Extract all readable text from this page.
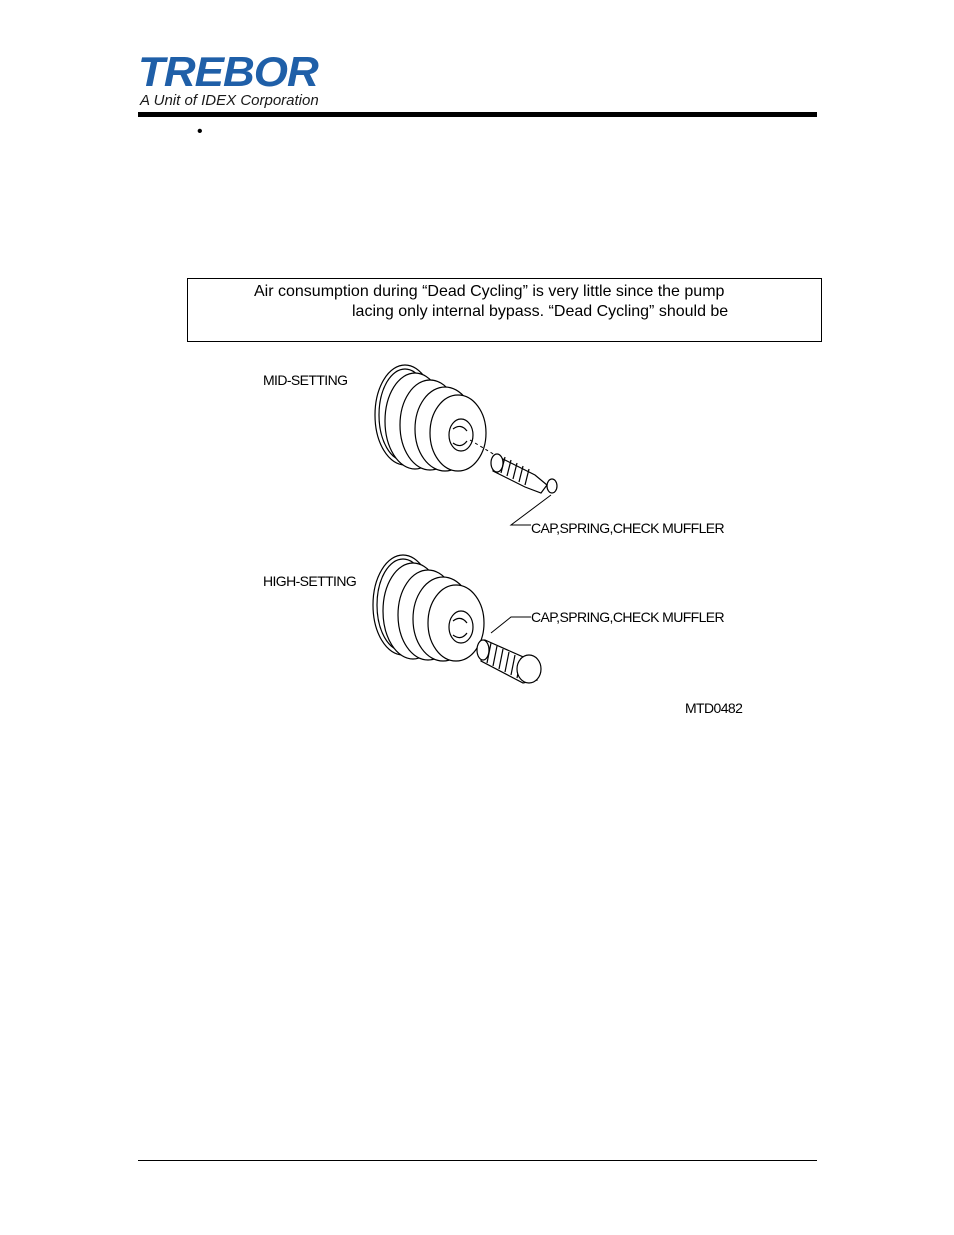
TREBOR
A Unit of IDEX Corporation
•
Air consumption during “Dead Cycling” is very little since the pump
lacing only internal bypass. “Dead Cycling” should be
MID-SETTING
CAP,SPRING,CHECK MUFFLER
HIGH-SETTING
CAP,SPRING,CHECK MUFFLER
MTD0482
